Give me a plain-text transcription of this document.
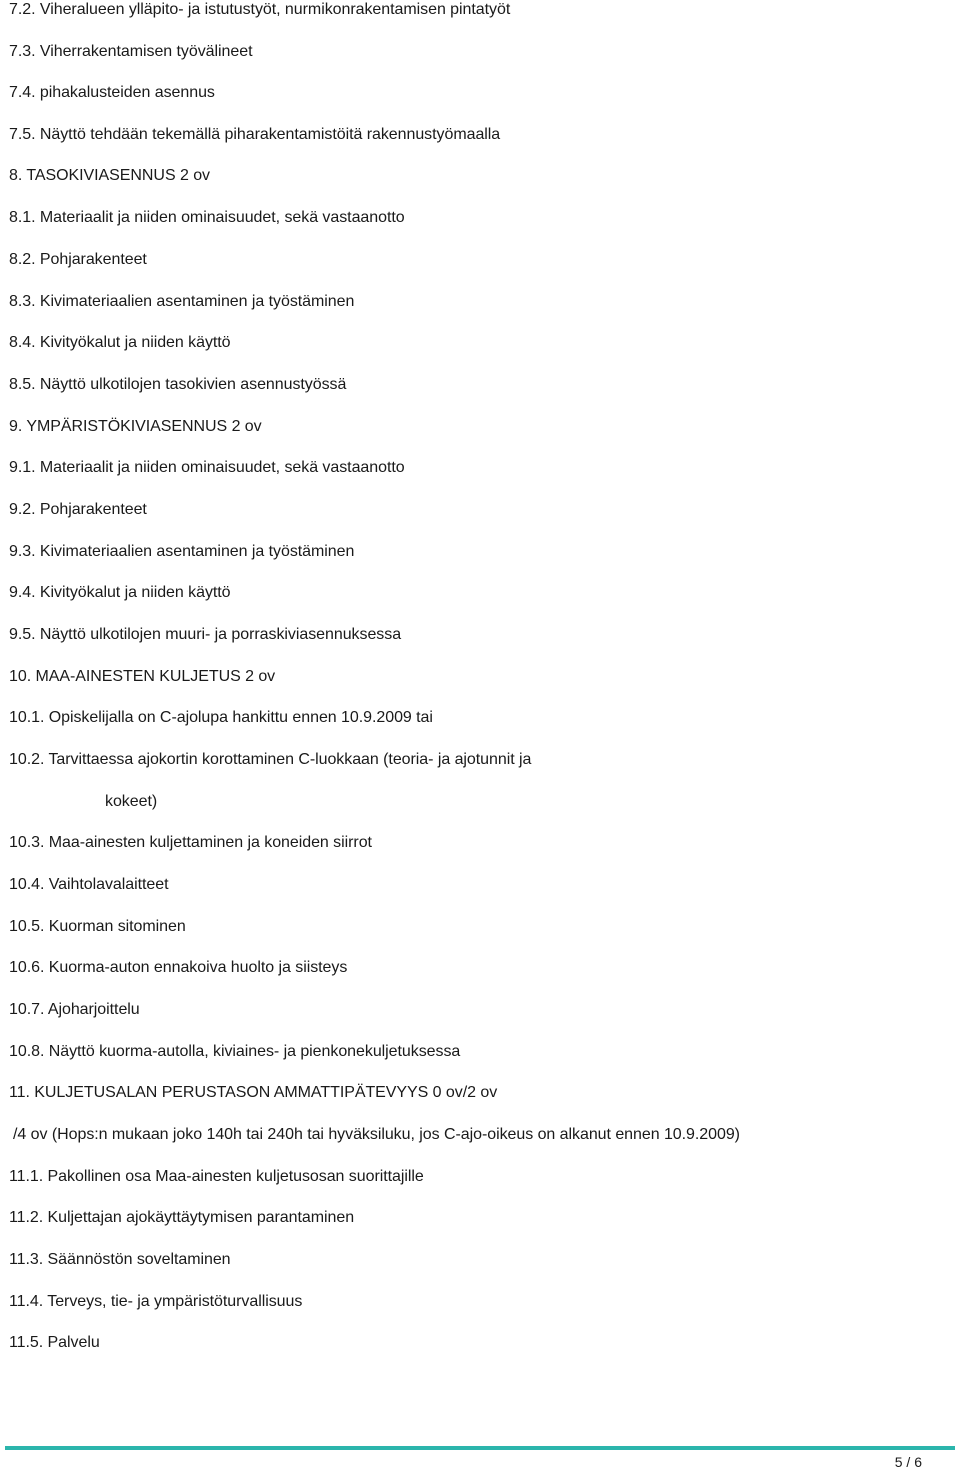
7.2. Viheralueen ylläpito- ja istutustyöt, nurmikonrakentamisen pintatyöt
7.3. Viherrakentamisen työvälineet
7.4. pihakalusteiden asennus
7.5. Näyttö tehdään tekemällä piharakentamistöitä rakennustyömaalla
8. TASOKIVIASENNUS 2 ov
8.1. Materiaalit ja niiden ominaisuudet, sekä vastaanotto
8.2. Pohjarakenteet
8.3. Kivimateriaalien asentaminen ja työstäminen
8.4. Kivityökalut ja niiden käyttö
8.5. Näyttö ulkotilojen tasokivien asennustyössä
9. YMPÄRISTÖKIVIASENNUS 2 ov
9.1. Materiaalit ja niiden ominaisuudet, sekä vastaanotto
9.2. Pohjarakenteet
9.3. Kivimateriaalien asentaminen ja työstäminen
9.4. Kivityökalut ja niiden käyttö
9.5. Näyttö ulkotilojen muuri- ja porraskiviasennuksessa
10. MAA-AINESTEN KULJETUS 2 ov
10.1. Opiskelijalla on C-ajolupa hankittu ennen 10.9.2009 tai
10.2. Tarvittaessa ajokortin korottaminen C-luokkaan (teoria- ja ajotunnit ja
kokeet)
10.3. Maa-ainesten kuljettaminen ja koneiden siirrot
10.4. Vaihtolavalaitteet
10.5. Kuorman sitominen
10.6. Kuorma-auton ennakoiva huolto ja siisteys
10.7. Ajoharjoittelu
10.8. Näyttö kuorma-autolla, kiviaines- ja pienkonekuljetuksessa
11. KULJETUSALAN PERUSTASON AMMATTIPÄTEVYYS 0 ov/2 ov
/4 ov (Hops:n mukaan joko 140h tai 240h tai hyväksiluku, jos C-ajo-oikeus on alkanut ennen 10.9.2009)
11.1. Pakollinen osa Maa-ainesten kuljetusosan suorittajille
11.2. Kuljettajan ajokäyttäytymisen parantaminen
11.3. Säännöstön soveltaminen
11.4. Terveys, tie- ja ympäristöturvallisuus
11.5. Palvelu
5 / 6
